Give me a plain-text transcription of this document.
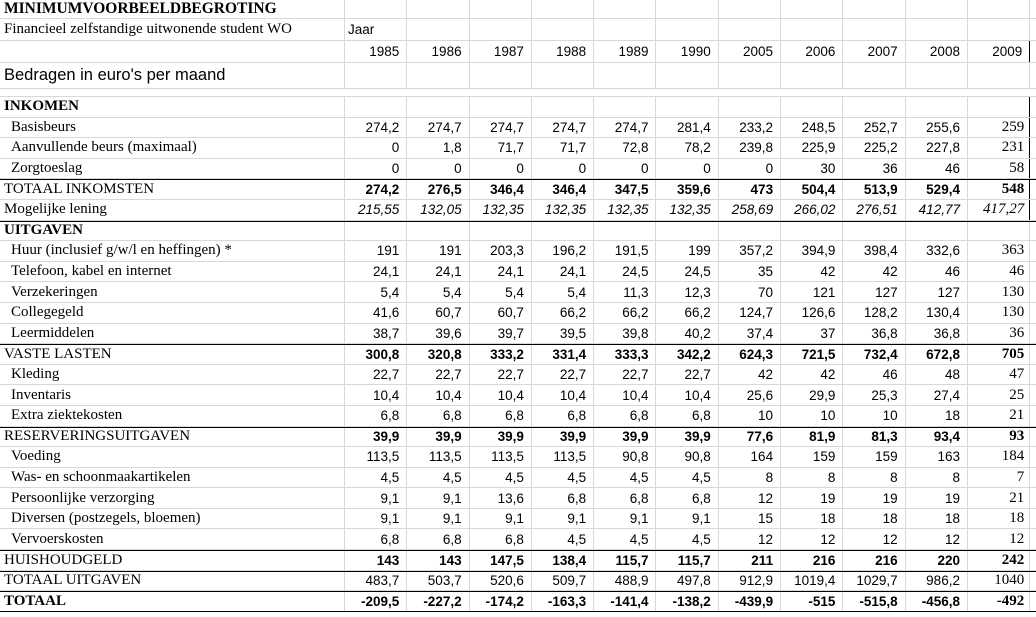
MINIMUMVOORBEELDBEGROTING
Financieel zelfstandige uitwonende student WO	Jaar
1985	1986	1987	1988	1989	1990	2005	2006	2007	2008	2009
Bedragen in euro's per maand
INKOMEN
Basisbeurs	274,2	274,7	274,7	274,7	274,7	281,4	233,2	248,5	252,7	255,6	259
Aanvullende beurs (maximaal)	0	1,8	71,7	71,7	72,8	78,2	239,8	225,9	225,2	227,8	231
Zorgtoeslag	0	0	0	0	0	0	0	30	36	46	58
TOTAAL INKOMSTEN	274,2	276,5	346,4	346,4	347,5	359,6	473	504,4	513,9	529,4	548
Mogelijke lening	215,55	132,05	132,35	132,35	132,35	132,35	258,69	266,02	276,51	412,77	417,27
UITGAVEN
Huur (inclusief g/w/l en heffingen) *	191	191	203,3	196,2	191,5	199	357,2	394,9	398,4	332,6	363
Telefoon, kabel en internet	24,1	24,1	24,1	24,1	24,5	24,5	35	42	42	46	46
Verzekeringen	5,4	5,4	5,4	5,4	11,3	12,3	70	121	127	127	130
Collegegeld	41,6	60,7	60,7	66,2	66,2	66,2	124,7	126,6	128,2	130,4	130
Leermiddelen	38,7	39,6	39,7	39,5	39,8	40,2	37,4	37	36,8	36,8	36
VASTE LASTEN	300,8	320,8	333,2	331,4	333,3	342,2	624,3	721,5	732,4	672,8	705
Kleding	22,7	22,7	22,7	22,7	22,7	22,7	42	42	46	48	47
Inventaris	10,4	10,4	10,4	10,4	10,4	10,4	25,6	29,9	25,3	27,4	25
Extra ziektekosten	6,8	6,8	6,8	6,8	6,8	6,8	10	10	10	18	21
RESERVERINGSUITGAVEN	39,9	39,9	39,9	39,9	39,9	39,9	77,6	81,9	81,3	93,4	93
Voeding	113,5	113,5	113,5	113,5	90,8	90,8	164	159	159	163	184
Was- en schoonmaakartikelen	4,5	4,5	4,5	4,5	4,5	4,5	8	8	8	8	7
Persoonlijke verzorging	9,1	9,1	13,6	6,8	6,8	6,8	12	19	19	19	21
Diversen (postzegels, bloemen)	9,1	9,1	9,1	9,1	9,1	9,1	15	18	18	18	18
Vervoerskosten	6,8	6,8	6,8	4,5	4,5	4,5	12	12	12	12	12
HUISHOUDGELD	143	143	147,5	138,4	115,7	115,7	211	216	216	220	242
TOTAAL UITGAVEN	483,7	503,7	520,6	509,7	488,9	497,8	912,9	1019,4	1029,7	986,2	1040
TOTAAL	-209,5	-227,2	-174,2	-163,3	-141,4	-138,2	-439,9	-515	-515,8	-456,8	-492
